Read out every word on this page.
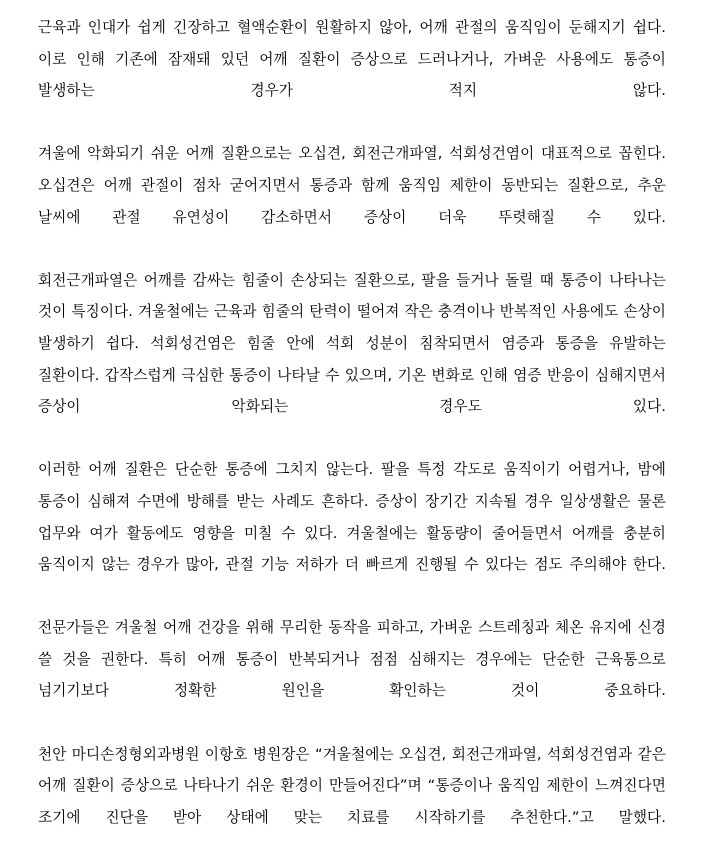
근육과 인대가 쉽게 긴장하고 혈액순환이 원활하지 않아, 어깨 관절의 움직임이 둔해지기 쉽다. 이로 인해 기존에 잠재돼 있던 어깨 질환이 증상으로 드러나거나, 가벼운 사용에도 통증이 발생하는 경우가 적지 않다.

겨울에 악화되기 쉬운 어깨 질환으로는 오십견, 회전근개파열, 석회성건염이 대표적으로 꼽힌다. 오십견은 어깨 관절이 점차 굳어지면서 통증과 함께 움직임 제한이 동반되는 질환으로, 추운 날씨에 관절 유연성이 감소하면서 증상이 더욱 뚜렷해질 수 있다.

회전근개파열은 어깨를 감싸는 힘줄이 손상되는 질환으로, 팔을 들거나 돌릴 때 통증이 나타나는 것이 특징이다. 겨울철에는 근육과 힘줄의 탄력이 떨어져 작은 충격이나 반복적인 사용에도 손상이 발생하기 쉽다. 석회성건염은 힘줄 안에 석회 성분이 침착되면서 염증과 통증을 유발하는 질환이다. 갑작스럽게 극심한 통증이 나타날 수 있으며, 기온 변화로 인해 염증 반응이 심해지면서 증상이 악화되는 경우도 있다.

이러한 어깨 질환은 단순한 통증에 그치지 않는다. 팔을 특정 각도로 움직이기 어렵거나, 밤에 통증이 심해져 수면에 방해를 받는 사례도 흔하다. 증상이 장기간 지속될 경우 일상생활은 물론 업무와 여가 활동에도 영향을 미칠 수 있다. 겨울철에는 활동량이 줄어들면서 어깨를 충분히 움직이지 않는 경우가 많아, 관절 기능 저하가 더 빠르게 진행될 수 있다는 점도 주의해야 한다.

전문가들은 겨울철 어깨 건강을 위해 무리한 동작을 피하고, 가벼운 스트레칭과 체온 유지에 신경 쓸 것을 권한다. 특히 어깨 통증이 반복되거나 점점 심해지는 경우에는 단순한 근육통으로 넘기기보다 정확한 원인을 확인하는 것이 중요하다.

천안 마디손정형외과병원 이항호 병원장은 “겨울철에는 오십견, 회전근개파열, 석회성건염과 같은 어깨 질환이 증상으로 나타나기 쉬운 환경이 만들어진다”며 “통증이나 움직임 제한이 느껴진다면 조기에 진단을 받아 상태에 맞는 치료를 시작하기를 추천한다.”고 말했다.
